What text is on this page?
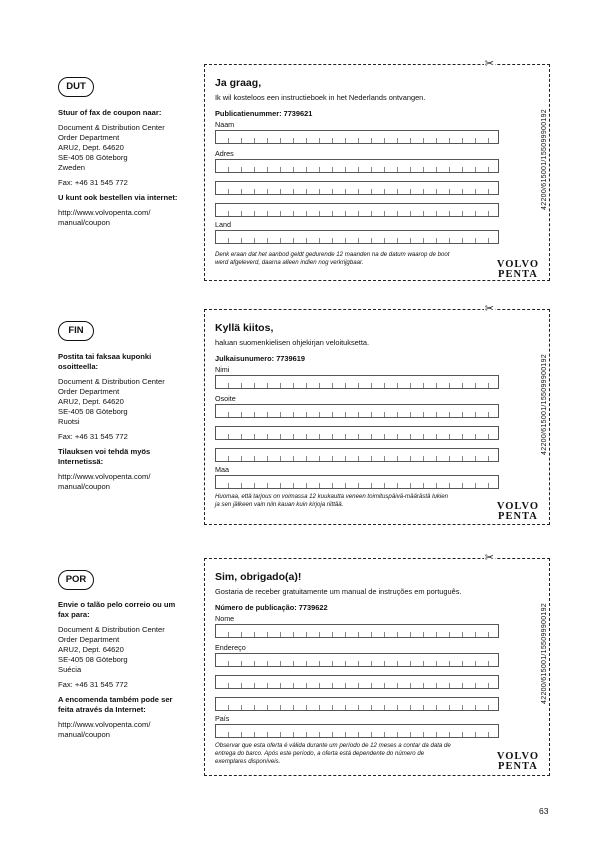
DUT

Stuur of fax de coupon naar:

Document & Distribution Center
Order Department
ARU2, Dept. 64620
SE-405 08 Göteborg
Zweden

Fax: +46 31 545 772

U kunt ook bestellen via internet:

http://www.volvopenta.com/
manual/coupon

✂
Ja graag,
Ik wil kosteloos een instructieboek in het Nederlands ontvangen.
Publicatienummer: 7739621
Naam
Adres
Land
Denk eraan dat het aanbod geldt gedurende 12 maanden na de datum waarop de boot werd afgeleverd, daarna alleen indien nog verkrijgbaar.	VOLVO
PENTA
42200/615001/155099900192
FIN

Postita tai faksaa kuponki osoitteella:

Document & Distribution Center
Order Department
ARU2, Dept. 64620
SE-405 08 Göteborg
Ruotsi

Fax: +46 31 545 772

Tilauksen voi tehdä myös Internetissä:

http://www.volvopenta.com/
manual/coupon

✂
Kyllä kiitos,
haluan suomenkielisen ohjekirjan veloituksetta.
Julkaisunumero: 7739619
Nimi
Osoite
Maa
Huomaa, että tarjous on voimassa 12 kuukautta veneen toimituspäivä-määrästä lukien ja sen jälkeen vain niin kauan kuin kirjoja riittää.	VOLVO
PENTA
42200/615001/155099900192
POR

Envie o talão pelo correio ou um fax para:

Document & Distribution Center
Order Department
ARU2, Dept. 64620
SE-405 08 Göteborg
Suécia

Fax: +46 31 545 772

A encomenda também pode ser feita através da Internet:

http://www.volvopenta.com/
manual/coupon

✂
Sim, obrigado(a)!
Gostaria de receber gratuitamente um manual de instruções em português.
Número de publicação: 7739622
Nome
Endereço
País
Observar que esta oferta é válida durante um período de 12 meses a contar da data de entrega do barco. Após este período, a oferta está dependente do número de exemplares disponíveis.	VOLVO
PENTA
42200/615001/155099900192
63
